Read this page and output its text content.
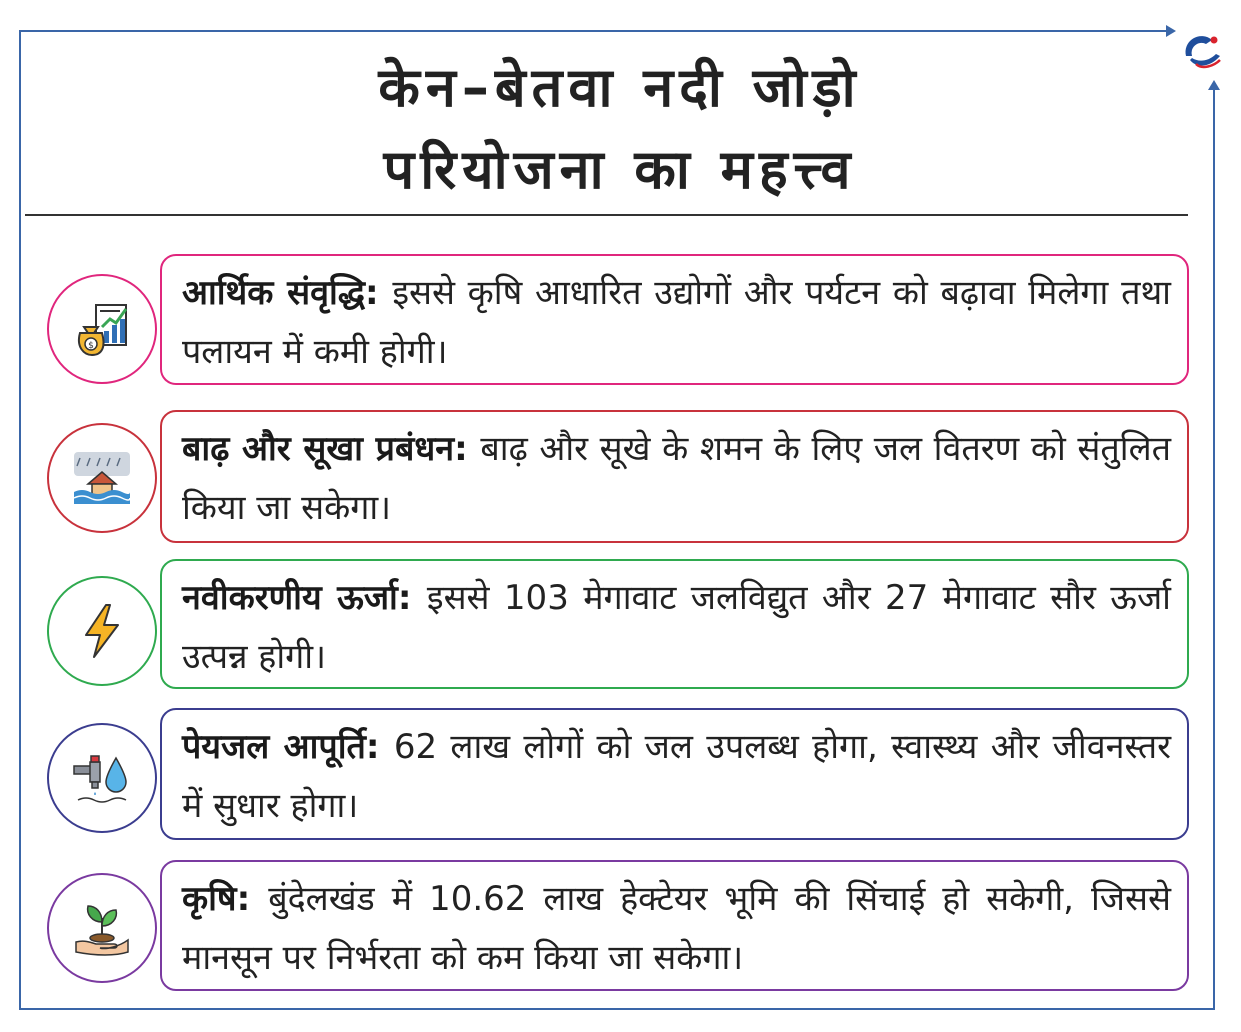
केन–बेतवा नदी जोड़ो
परियोजना का महत्त्व
आर्थिक संवृद्धि: इससे कृषि आधारित उद्योगों और पर्यटन को बढ़ावा मिलेगा तथा पलायन में कमी होगी।
$
बाढ़ और सूखा प्रबंधन: बाढ़ और सूखे के शमन के लिए जल वितरण को संतुलित किया जा सकेगा।
नवीकरणीय ऊर्जा: इससे 103 मेगावाट जलविद्युत और 27 मेगावाट सौर ऊर्जा उत्पन्न होगी।
पेयजल आपूर्ति: 62 लाख लोगों को जल उपलब्ध होगा, स्वास्थ्य और जीवनस्तर में सुधार होगा।
कृषि: बुंदेलखंड में 10.62 लाख हेक्टेयर भूमि की सिंचाई हो सकेगी, जिससे मानसून पर निर्भरता को कम किया जा सकेगा।
